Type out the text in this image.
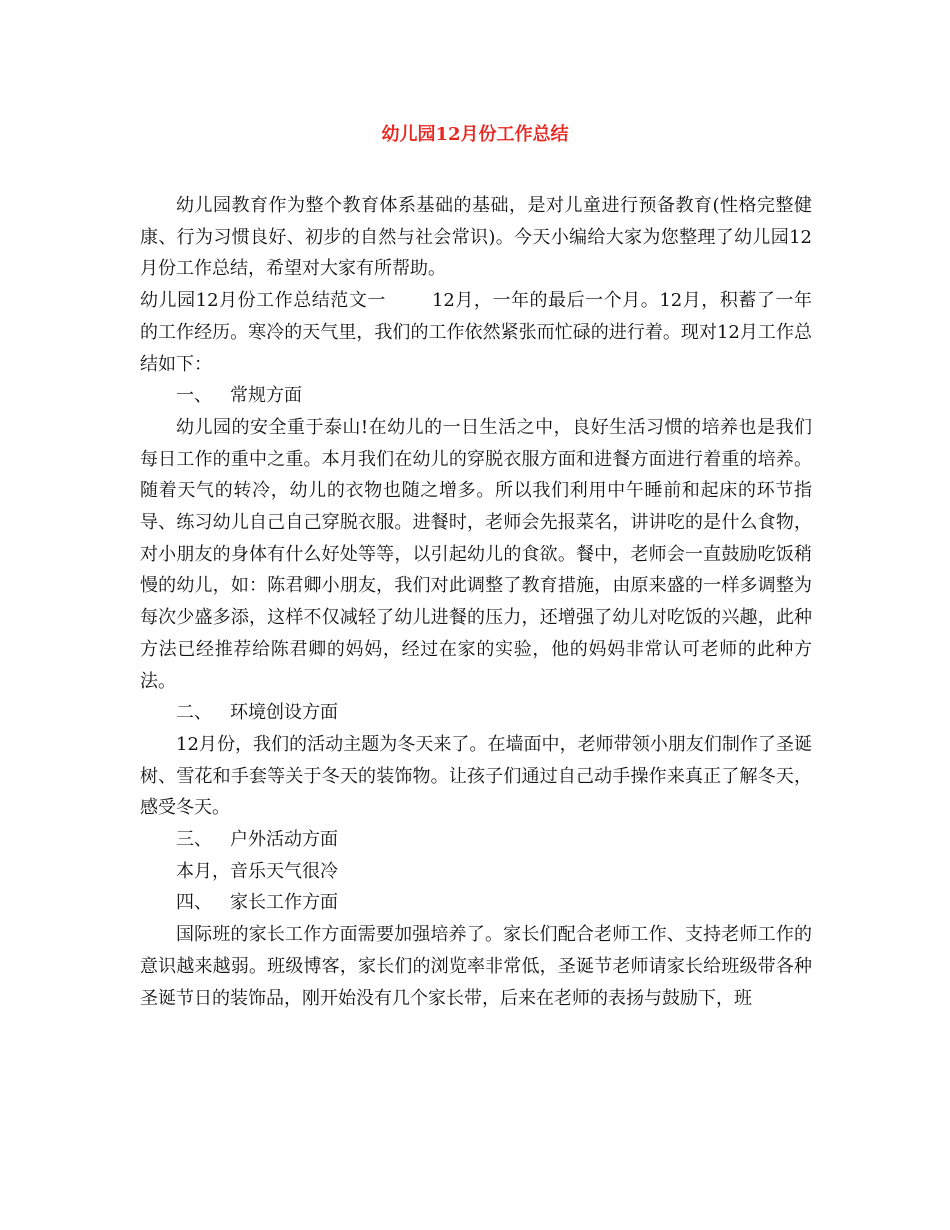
幼儿园12月份工作总结

幼儿园教育作为整个教育体系基础的基础，是对儿童进行预备教育(性格完整健康、行为习惯良好、初步的自然与社会常识)。今天小编给大家为您整理了幼儿园12月份工作总结，希望对大家有所帮助。

幼儿园12月份工作总结范文一	12月，一年的最后一个月。12月，积蓄了一年的工作经历。寒冷的天气里，我们的工作依然紧张而忙碌的进行着。现对12月工作总结如下：

一、  常规方面

幼儿园的安全重于泰山!在幼儿的一日生活之中，良好生活习惯的培养也是我们每日工作的重中之重。本月我们在幼儿的穿脱衣服方面和进餐方面进行着重的培养。随着天气的转冷，幼儿的衣物也随之增多。所以我们利用中午睡前和起床的环节指导、练习幼儿自己自己穿脱衣服。进餐时，老师会先报菜名，讲讲吃的是什么食物，对小朋友的身体有什么好处等等，以引起幼儿的食欲。餐中，老师会一直鼓励吃饭稍慢的幼儿，如：陈君卿小朋友，我们对此调整了教育措施，由原来盛的一样多调整为每次少盛多添，这样不仅减轻了幼儿进餐的压力，还增强了幼儿对吃饭的兴趣，此种方法已经推荐给陈君卿的妈妈，经过在家的实验，他的妈妈非常认可老师的此种方法。

二、  环境创设方面

12月份，我们的活动主题为冬天来了。在墙面中，老师带领小朋友们制作了圣诞树、雪花和手套等关于冬天的装饰物。让孩子们通过自己动手操作来真正了解冬天，感受冬天。

三、  户外活动方面

本月，音乐天气很冷

四、  家长工作方面

国际班的家长工作方面需要加强培养了。家长们配合老师工作、支持老师工作的意识越来越弱。班级博客，家长们的浏览率非常低，圣诞节老师请家长给班级带各种圣诞节日的装饰品，刚开始没有几个家长带，后来在老师的表扬与鼓励下，班
